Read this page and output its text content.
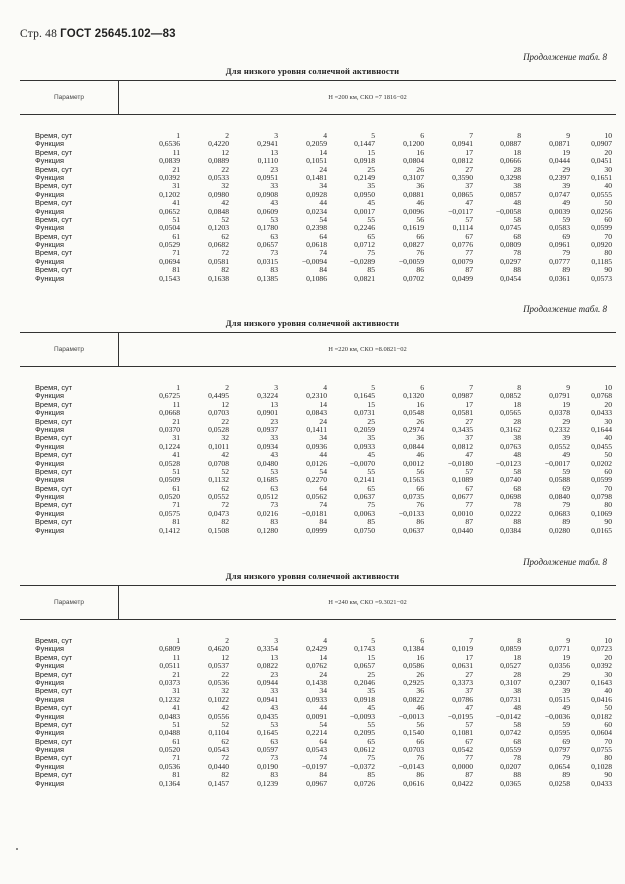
Стр. 48 ГОСТ 25645.102—83
Продолжение табл. 8
Для низкого уровня солнечной активности
Параметр	H =200 км, СКО =7 1816−02
Время, сут	1	2	3	4	5	6	7	8	9	10
Функция	0,6536	0,4220	0,2941	0,2059	0,1447	0,1200	0,0941	0,0887	0,0871	0,0907
Время, сут	11	12	13	14	15	16	17	18	19	20
Функция	0,0839	0,0889	0,1110	0,1051	0,0918	0,0804	0,0812	0,0666	0,0444	0,0451
Время, сут	21	22	23	24	25	26	27	28	29	30
Функция	0,0392	0,0533	0,0951	0,1481	0,2149	0,3107	0,3590	0,3298	0,2397	0,1651
Время, сут	31	32	33	34	35	36	37	38	39	40
Функция	0,1202	0,0980	0,0908	0,0928	0,0950	0,0881	0,0865	0,0857	0,0747	0,0555
Время, сут	41	42	43	44	45	46	47	48	49	50
Функция	0,0652	0,0848	0,0609	0,0234	0,0017	0,0096	−0,0117	−0,0058	0,0039	0,0256
Время, сут	51	52	53	54	55	56	57	58	59	60
Функция	0,0504	0,1203	0,1780	0,2398	0,2246	0,1619	0,1114	0,0745	0,0583	0,0599
Время, сут	61	62	63	64	65	66	67	68	69	70
Функция	0,0529	0,0682	0,0657	0,0618	0,0712	0,0827	0,0776	0,0809	0,0961	0,0920
Время, сут	71	72	73	74	75	76	77	78	79	80
Функция	0,0694	0,0581	0,0315	−0,0094	−0,0289	−0,0059	0,0079	0,0297	0,0777	0,1185
Время, сут	81	82	83	84	85	86	87	88	89	90
Функция	0,1543	0,1638	0,1385	0,1086	0,0821	0,0702	0,0499	0,0454	0,0361	0,0573
Продолжение табл. 8
Для низкого уровня солнечной активности
Параметр	H =220 км, СКО =8.0821−02
Время, сут	1	2	3	4	5	6	7	8	9	10
Функция	0,6725	0,4495	0,3224	0,2310	0,1645	0,1320	0,0987	0,0852	0,0791	0,0768
Время, сут	11	12	13	14	15	16	17	18	19	20
Функция	0,0668	0,0703	0,0901	0,0843	0,0731	0,0548	0,0581	0,0565	0,0378	0,0433
Время, сут	21	22	23	24	25	26	27	28	29	30
Функция	0,0370	0,0528	0,0937	0,1411	0,2059	0,2974	0,3435	0,3162	0,2332	0,1644
Время, сут	31	32	33	34	35	36	37	38	39	40
Функция	0,1224	0,1011	0,0934	0,0936	0,0933	0,0844	0,0812	0,0763	0,0552	0,0455
Время, сут	41	42	43	44	45	46	47	48	49	50
Функция	0,0528	0,0708	0,0480	0,0126	−0,0070	0,0012	−0,0180	−0,0123	−0,0017	0,0202
Время, сут	51	52	53	54	55	56	57	58	59	60
Функция	0,0509	0,1132	0,1685	0,2270	0,2141	0,1563	0,1089	0,0740	0,0588	0,0599
Время, сут	61	62	63	64	65	66	67	68	69	70
Функция	0,0520	0,0552	0,0512	0,0562	0,0637	0,0735	0,0677	0,0698	0,0840	0,0798
Время, сут	71	72	73	74	75	76	77	78	79	80
Функция	0,0575	0,0473	0,0216	−0,0181	0,0063	−0,0133	0,0010	0,0222	0,0683	0,1069
Время, сут	81	82	83	84	85	86	87	88	89	90
Функция	0,1412	0,1508	0,1280	0,0999	0,0750	0,0637	0,0440	0,0384	0,0280	0,0165
Продолжение табл. 8
Для низкого уровня солнечной активности
Параметр	H =240 км, СКО =9.3021−02
Время, сут	1	2	3	4	5	6	7	8	9	10
Функция	0,6809	0,4620	0,3354	0,2429	0,1743	0,1384	0,1019	0,0859	0,0771	0,0723
Время, сут	11	12	13	14	15	16	17	18	19	20
Функция	0,0511	0,0537	0,0822	0,0762	0,0657	0,0586	0,0631	0,0527	0,0356	0,0392
Время, сут	21	22	23	24	25	26	27	28	29	30
Функция	0,0373	0,0536	0,0944	0,1438	0,2046	0,2925	0,3373	0,3107	0,2307	0,1643
Время, сут	31	32	33	34	35	36	37	38	39	40
Функция	0,1232	0,1022	0,0941	0,0933	0,0918	0,0822	0,0786	0,0731	0,0515	0,0416
Время, сут	41	42	43	44	45	46	47	48	49	50
Функция	0,0483	0,0556	0,0435	0,0091	−0,0093	−0,0013	−0,0195	−0,0142	−0,0036	0,0182
Время, сут	51	52	53	54	55	56	57	58	59	60
Функция	0,0488	0,1104	0,1645	0,2214	0,2095	0,1540	0,1081	0,0742	0,0595	0,0604
Время, сут	61	62	63	64	65	66	67	68	69	70
Функция	0,0520	0,0543	0,0597	0,0543	0,0612	0,0703	0,0542	0,0559	0,0797	0,0755
Время, сут	71	72	73	74	75	76	77	78	79	80
Функция	0,0536	0,0440	0,0190	−0,0197	−0,0372	−0,0143	0,0000	0,0207	0,0654	0,1028
Время, сут	81	82	83	84	85	86	87	88	89	90
Функция	0,1364	0,1457	0,1239	0,0967	0,0726	0,0616	0,0422	0,0365	0,0258	0,0433
